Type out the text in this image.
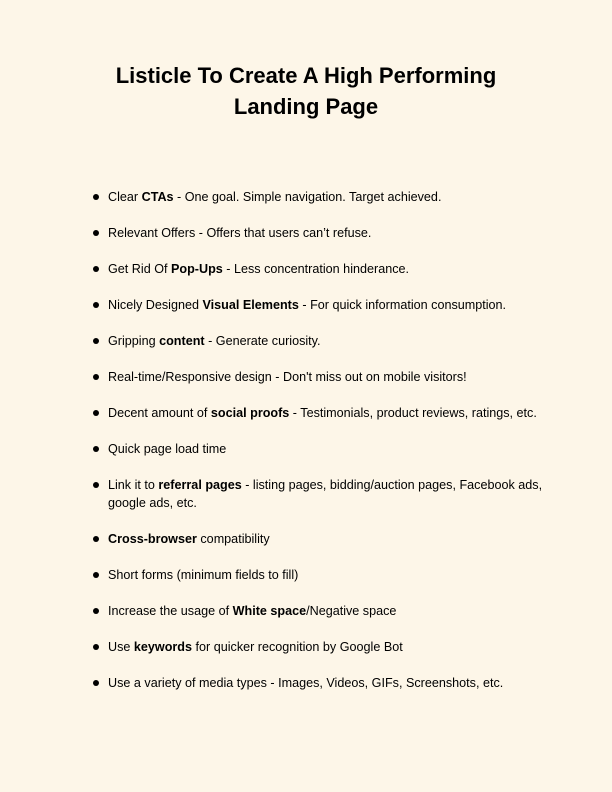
Listicle To Create A High Performing
Landing Page
Clear CTAs - One goal. Simple navigation. Target achieved.
Relevant Offers - Offers that users can’t refuse.
Get Rid Of Pop-Ups - Less concentration hinderance.
Nicely Designed Visual Elements - For quick information consumption.
Gripping content - Generate curiosity.
Real-time/Responsive design - Don't miss out on mobile visitors!
Decent amount of social proofs - Testimonials, product reviews, ratings, etc.
Quick page load time
Link it to referral pages - listing pages, bidding/auction pages, Facebook ads, google ads, etc.
Cross-browser compatibility
Short forms (minimum fields to fill)
Increase the usage of White space/Negative space
Use keywords for quicker recognition by Google Bot
Use a variety of media types - Images, Videos, GIFs, Screenshots, etc.
